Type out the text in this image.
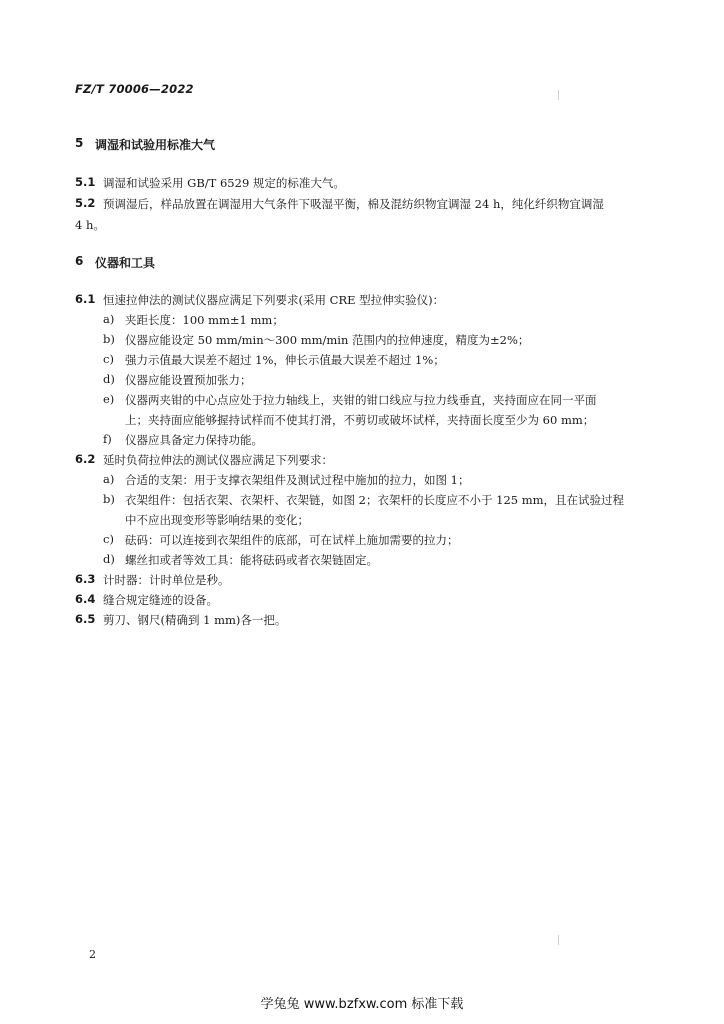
FZ/T 70006—2022
5 调湿和试验用标准大气
5.1 调湿和试验采用 GB/T 6529 规定的标准大气。
5.2 预调湿后，样品放置在调湿用大气条件下吸湿平衡，棉及混纺织物宜调湿 24 h，纯化纤织物宜调湿
4 h。
6 仪器和工具
6.1 恒速拉伸法的测试仪器应满足下列要求(采用 CRE 型拉伸实验仪)：
a) 夹距长度：100 mm±1 mm；
b) 仪器应能设定 50 mm/min～300 mm/min 范围内的拉伸速度，精度为±2%；
c) 强力示值最大误差不超过 1%，伸长示值最大误差不超过 1%；
d) 仪器应能设置预加张力；
e) 仪器两夹钳的中心点应处于拉力轴线上，夹钳的钳口线应与拉力线垂直，夹持面应在同一平面
上；夹持面应能够握持试样而不使其打滑，不剪切或破坏试样，夹持面长度至少为 60 mm；
f) 仪器应具备定力保持功能。
6.2 延时负荷拉伸法的测试仪器应满足下列要求：
a) 合适的支架：用于支撑衣架组件及测试过程中施加的拉力，如图 1；
b) 衣架组件：包括衣架、衣架杆、衣架链，如图 2；衣架杆的长度应不小于 125 mm，且在试验过程
中不应出现变形等影响结果的变化；
c) 砝码：可以连接到衣架组件的底部，可在试样上施加需要的拉力；
d) 螺丝扣或者等效工具：能将砝码或者衣架链固定。
6.3 计时器：计时单位是秒。
6.4 缝合规定缝迹的设备。
6.5 剪刀、钢尺(精确到 1 mm)各一把。
2
学兔兔 www.bzfxw.com 标准下载
